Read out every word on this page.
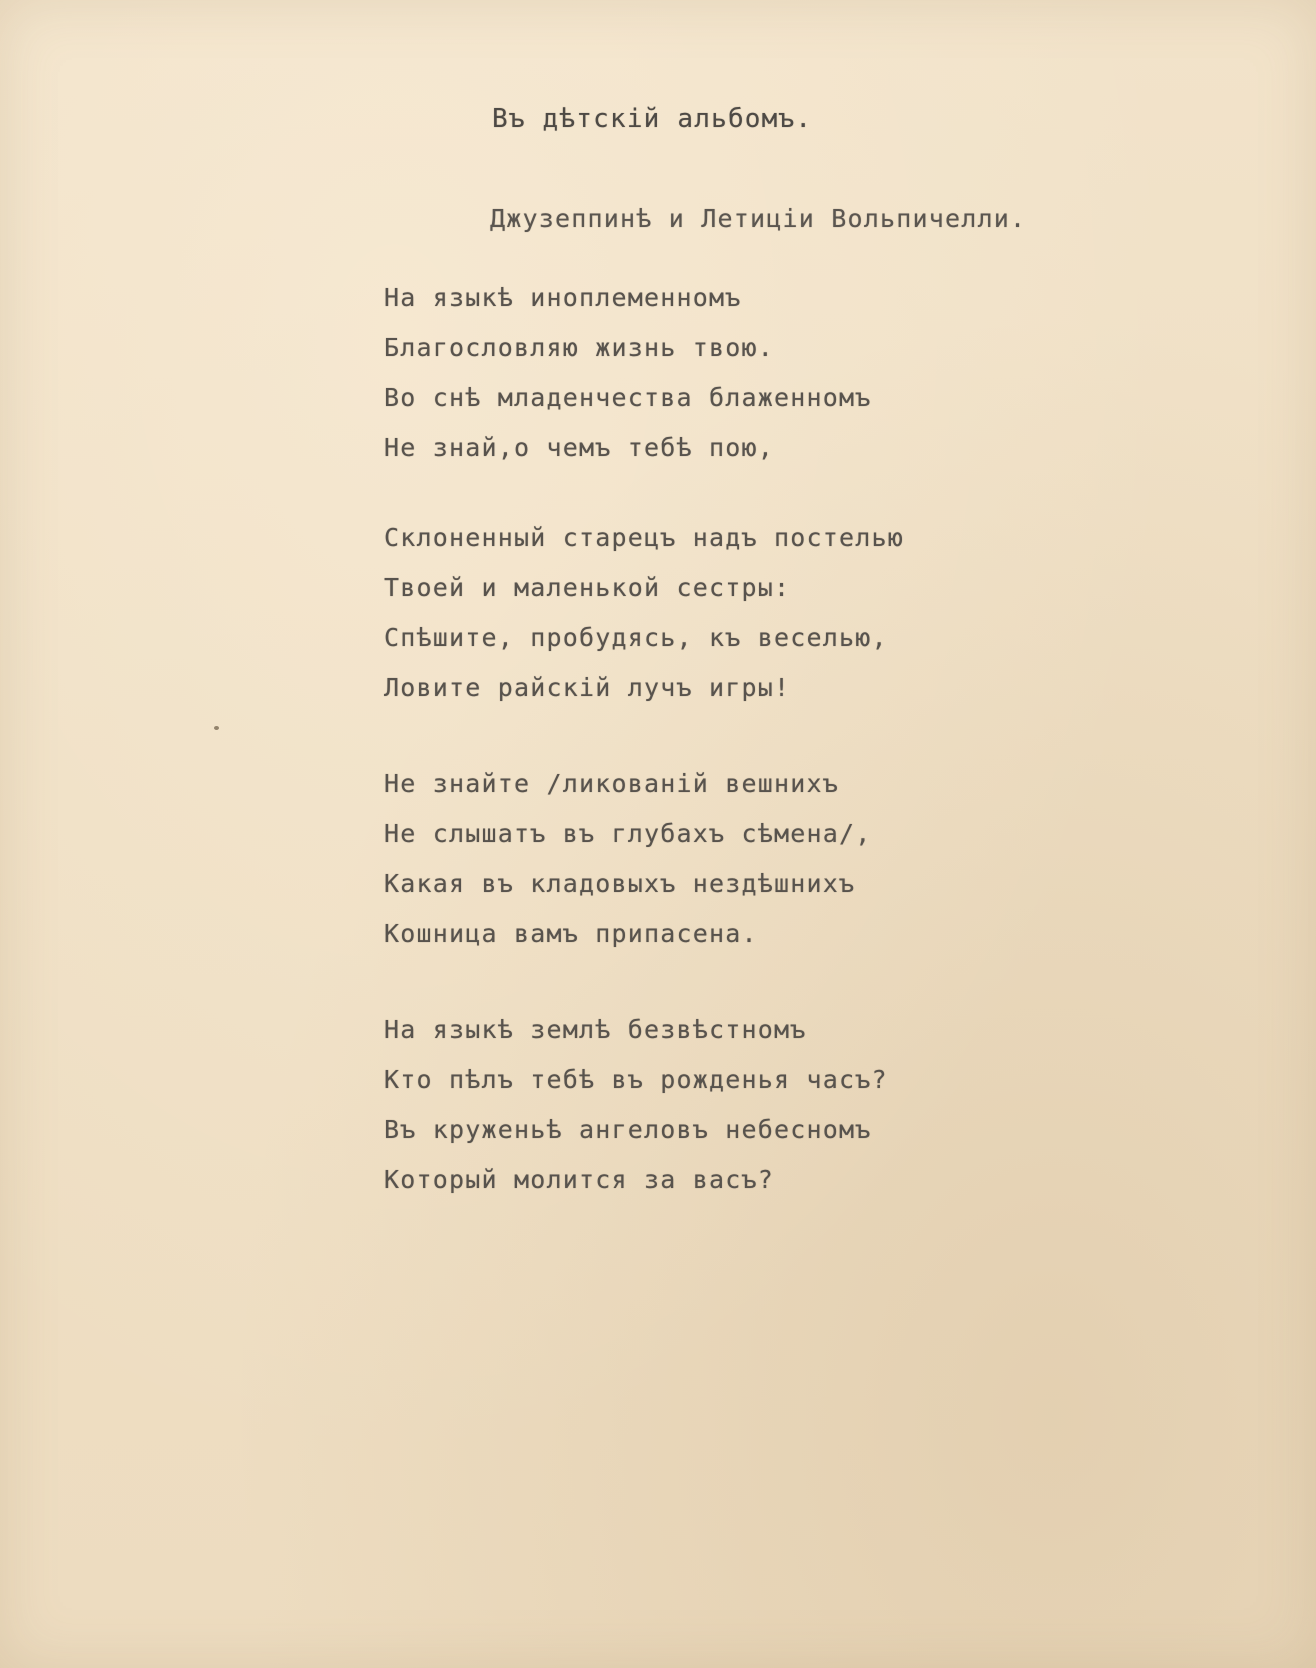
Въ дѣтскій альбомъ.
Джузеппинѣ и Летиціи Вольпичелли.
На языкѣ иноплеменномъ
Благословляю жизнь твою.
Во снѣ младенчества блаженномъ
Не знай,о чемъ тебѣ пою,
Склоненный старецъ надъ постелью
Твоей и маленькой сестры:
Спѣшите, пробудясь, къ веселью,
Ловите райскій лучъ игры!
Не знайте /ликованій вешнихъ
Не слышатъ въ глубахъ сѣмена/,
Какая въ кладовыхъ нездѣшнихъ
Кошница вамъ припасена.
На языкѣ землѣ безвѣстномъ
Кто пѣлъ тебѣ въ рожденья часъ?
Въ круженьѣ ангеловъ небесномъ
Который молится за васъ?
